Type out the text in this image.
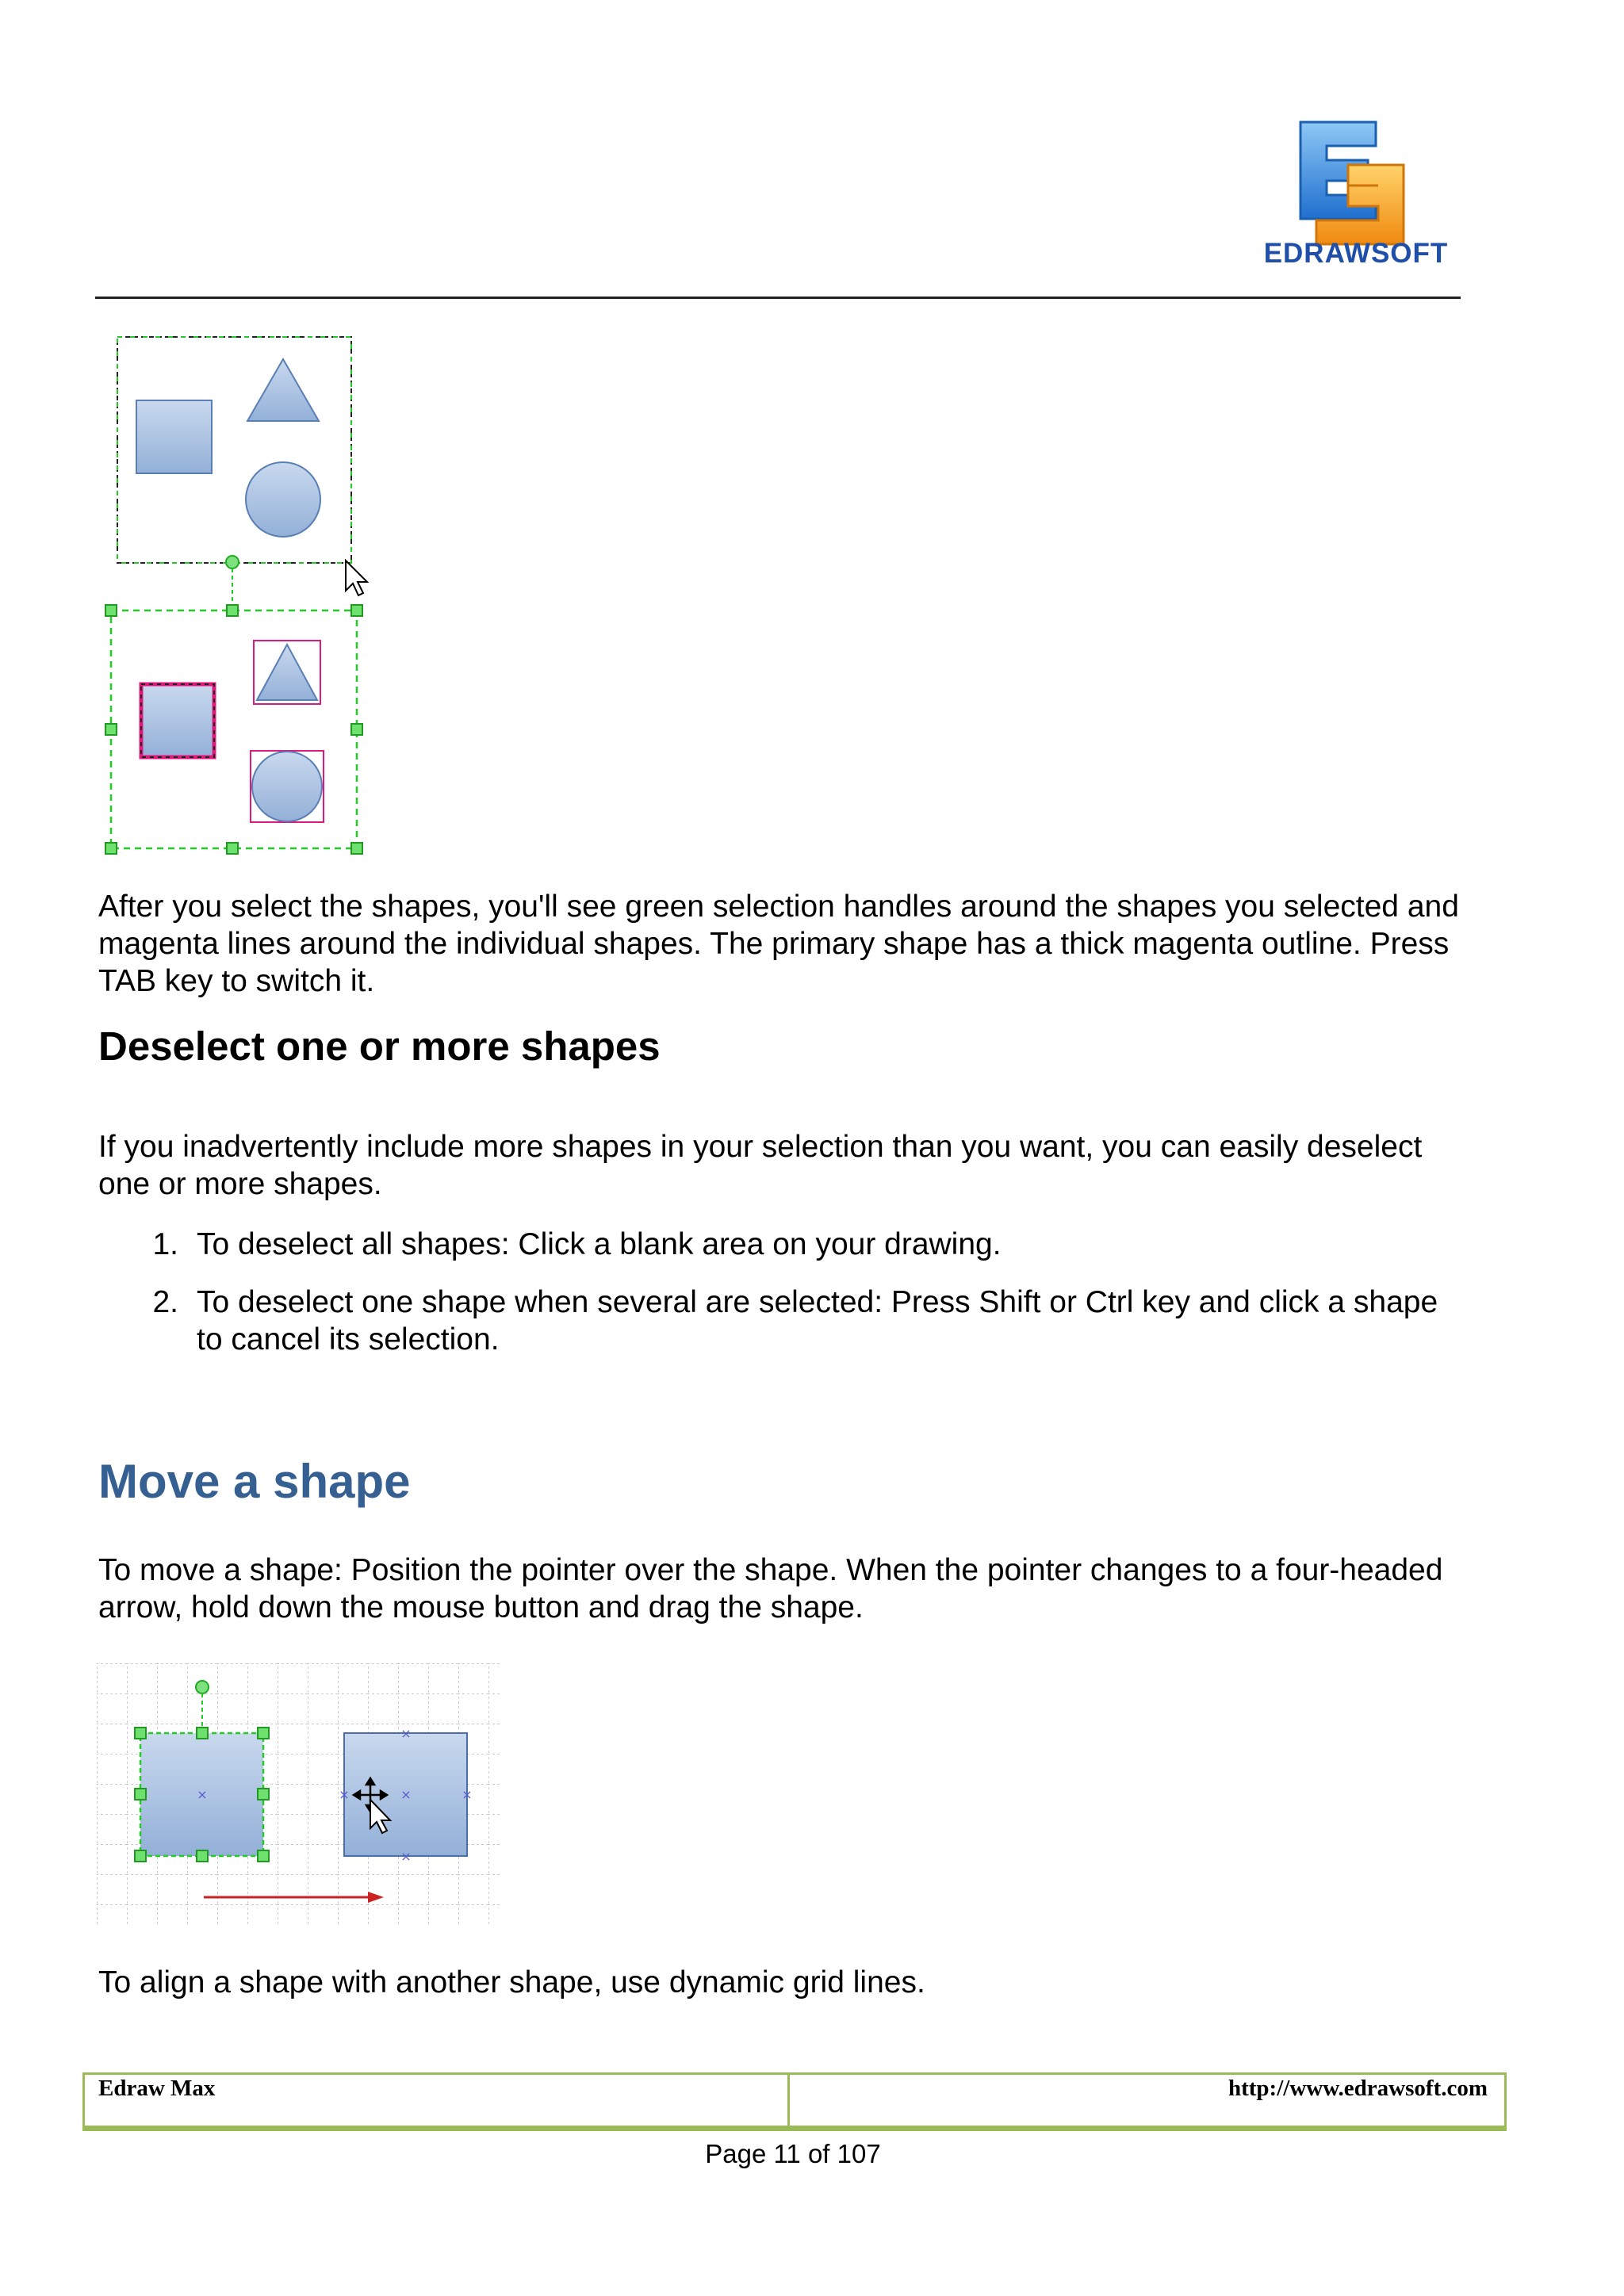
EDRAWSOFT
After you select the shapes, you'll see green selection handles around the shapes you selected and magenta lines around the individual shapes. The primary shape has a thick magenta outline. Press TAB key to switch it.
Deselect one or more shapes
If you inadvertently include more shapes in your selection than you want, you can easily deselect one or more shapes.
1. To deselect all shapes: Click a blank area on your drawing.
2. To deselect one shape when several are selected: Press Shift or Ctrl key and click a shape to cancel its selection.
Move a shape
To move a shape: Position the pointer over the shape. When the pointer changes to a four-headed arrow, hold down the mouse button and drag the shape.
×
×
×
×
×	×
To align a shape with another shape, use dynamic grid lines.
Edraw Max	http://www.edrawsoft.com
Page 11 of 107
